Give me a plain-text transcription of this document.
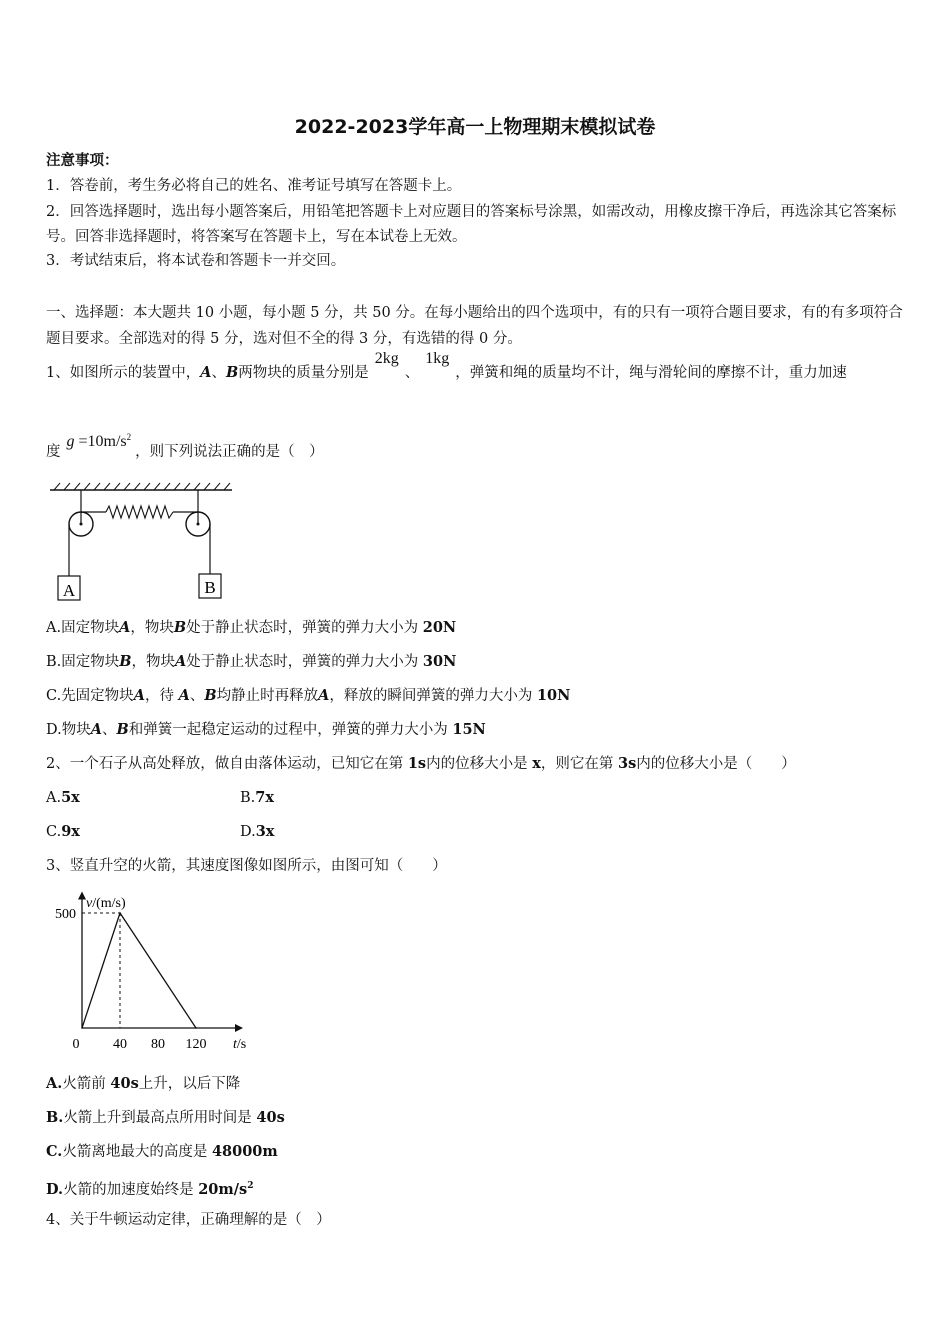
2022-2023学年高一上物理期末模拟试卷
注意事项：
1．答卷前，考生务必将自己的姓名、准考证号填写在答题卡上。
2．回答选择题时，选出每小题答案后，用铅笔把答题卡上对应题目的答案标号涂黑，如需改动，用橡皮擦干净后，再选涂其它答案标号。回答非选择题时，将答案写在答题卡上，写在本试卷上无效。
3．考试结束后，将本试卷和答题卡一并交回。
一、选择题：本大题共 10 小题，每小题 5 分，共 50 分。在每小题给出的四个选项中，有的只有一项符合题目要求，有的有多项符合题目要求。全部选对的得 5 分，选对但不全的得 3 分，有选错的得 0 分。
1、如图所示的装置中，A、B两物块的质量分别是2kg、1kg，弹簧和绳的质量均不计，绳与滑轮间的摩擦不计，重力加速
度$g =10m/s^2$，则下列说法正确的是（　）
A	B
A.固定物块A，物块B处于静止状态时，弹簧的弹力大小为 20N
B.固定物块B，物块A处于静止状态时，弹簧的弹力大小为 30N
C.先固定物块A，待 A、B均静止时再释放A，释放的瞬间弹簧的弹力大小为 10N
D.物块A、B和弹簧一起稳定运动的过程中，弹簧的弹力大小为 15N
2、一个石子从高处释放，做自由落体运动，已知它在第 1s内的位移大小是 x，则它在第 3s内的位移大小是（　　）
A.5x	B.7x
C.9x	D.3x
3、竖直升空的火箭，其速度图像如图所示，由图可知（　　）
0 40 80 120
500
v/(m/s)
t/s
A.火箭前 40s上升，以后下降
B.火箭上升到最高点所用时间是 40s
C.火箭离地最大的高度是 48000m
D.火箭的加速度始终是 $20m/s^2$
4、关于牛顿运动定律，正确理解的是（　）
